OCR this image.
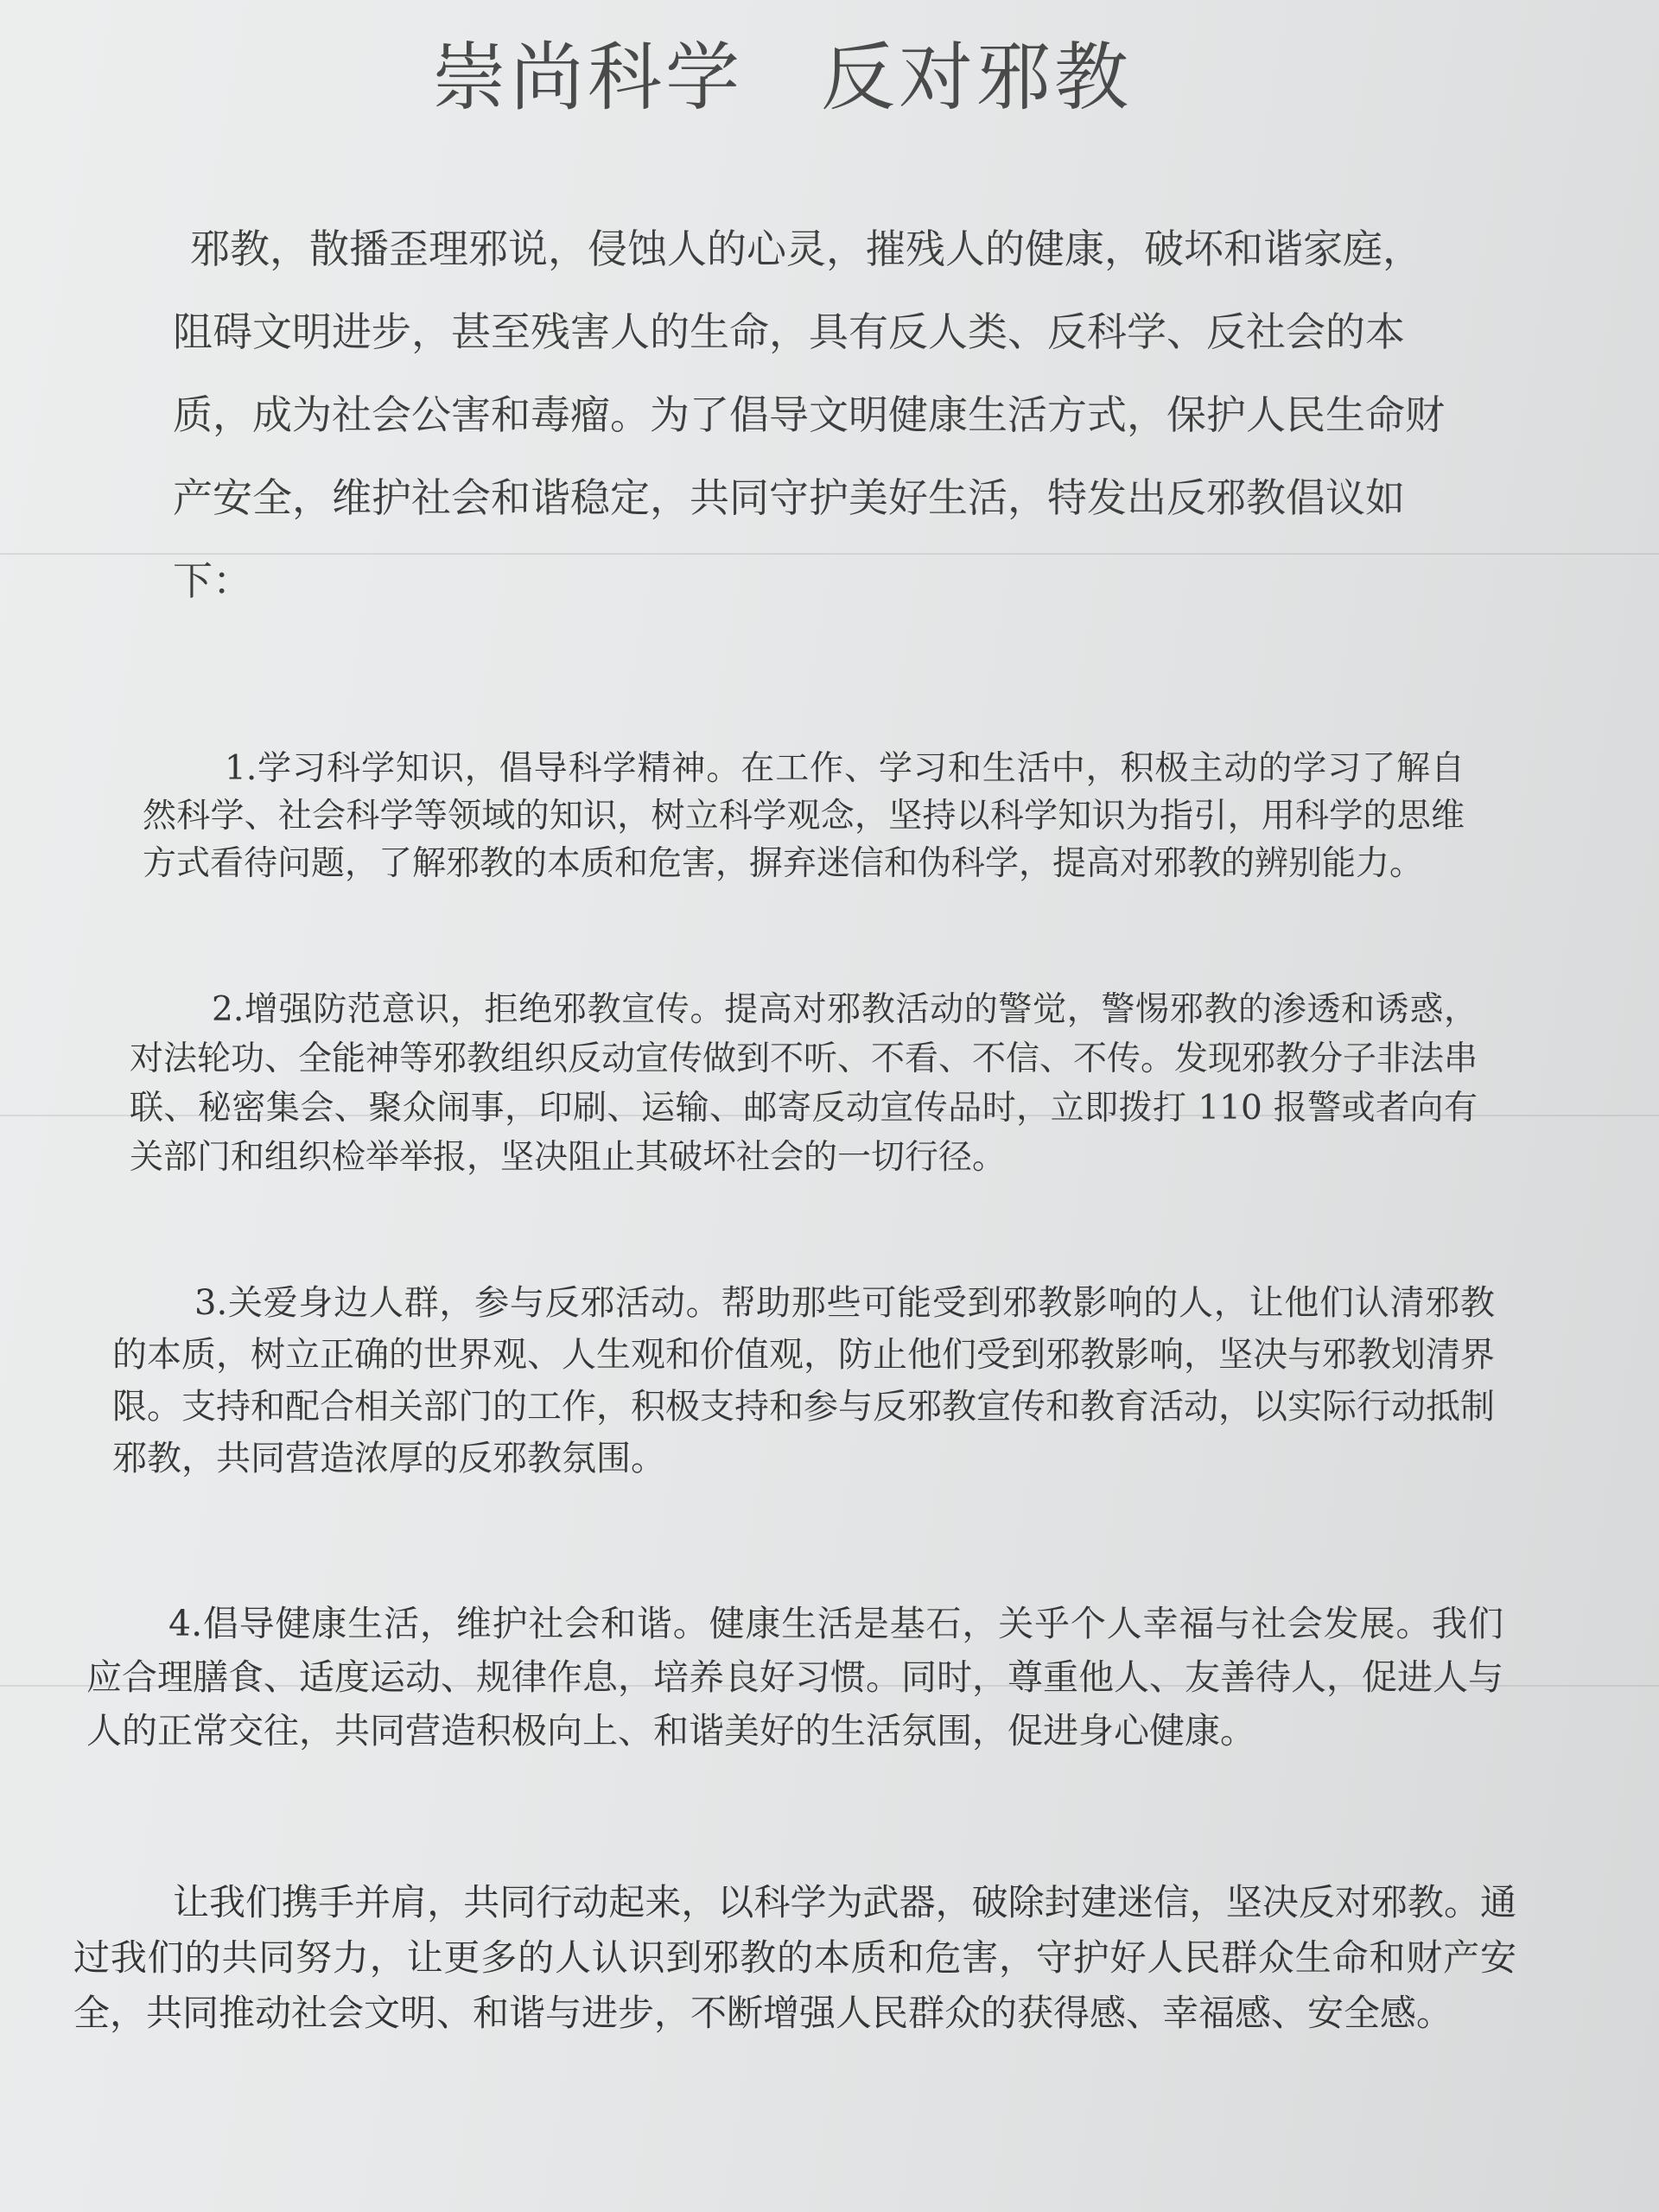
崇尚科学 反对邪教

邪教，散播歪理邪说，侵蚀人的心灵，摧残人的健康，破坏和谐家庭，阻碍文明进步，甚至残害人的生命，具有反人类、反科学、反社会的本质，成为社会公害和毒瘤。为了倡导文明健康生活方式，保护人民生命财产安全，维护社会和谐稳定，共同守护美好生活，特发出反邪教倡议如下：

1.学习科学知识，倡导科学精神。在工作、学习和生活中，积极主动的学习了解自然科学、社会科学等领域的知识，树立科学观念，坚持以科学知识为指引，用科学的思维方式看待问题，了解邪教的本质和危害，摒弃迷信和伪科学，提高对邪教的辨别能力。

2.增强防范意识，拒绝邪教宣传。提高对邪教活动的警觉，警惕邪教的渗透和诱惑，对法轮功、全能神等邪教组织反动宣传做到不听、不看、不信、不传。发现邪教分子非法串联、秘密集会、聚众闹事，印刷、运输、邮寄反动宣传品时，立即拨打 110 报警或者向有关部门和组织检举举报，坚决阻止其破坏社会的一切行径。

3.关爱身边人群，参与反邪活动。帮助那些可能受到邪教影响的人，让他们认清邪教的本质，树立正确的世界观、人生观和价值观，防止他们受到邪教影响，坚决与邪教划清界限。支持和配合相关部门的工作，积极支持和参与反邪教宣传和教育活动，以实际行动抵制邪教，共同营造浓厚的反邪教氛围。

4.倡导健康生活，维护社会和谐。健康生活是基石，关乎个人幸福与社会发展。我们应合理膳食、适度运动、规律作息，培养良好习惯。同时，尊重他人、友善待人，促进人与人的正常交往，共同营造积极向上、和谐美好的生活氛围，促进身心健康。

让我们携手并肩，共同行动起来，以科学为武器，破除封建迷信，坚决反对邪教。通过我们的共同努力，让更多的人认识到邪教的本质和危害，守护好人民群众生命和财产安全，共同推动社会文明、和谐与进步，不断增强人民群众的获得感、幸福感、安全感。
